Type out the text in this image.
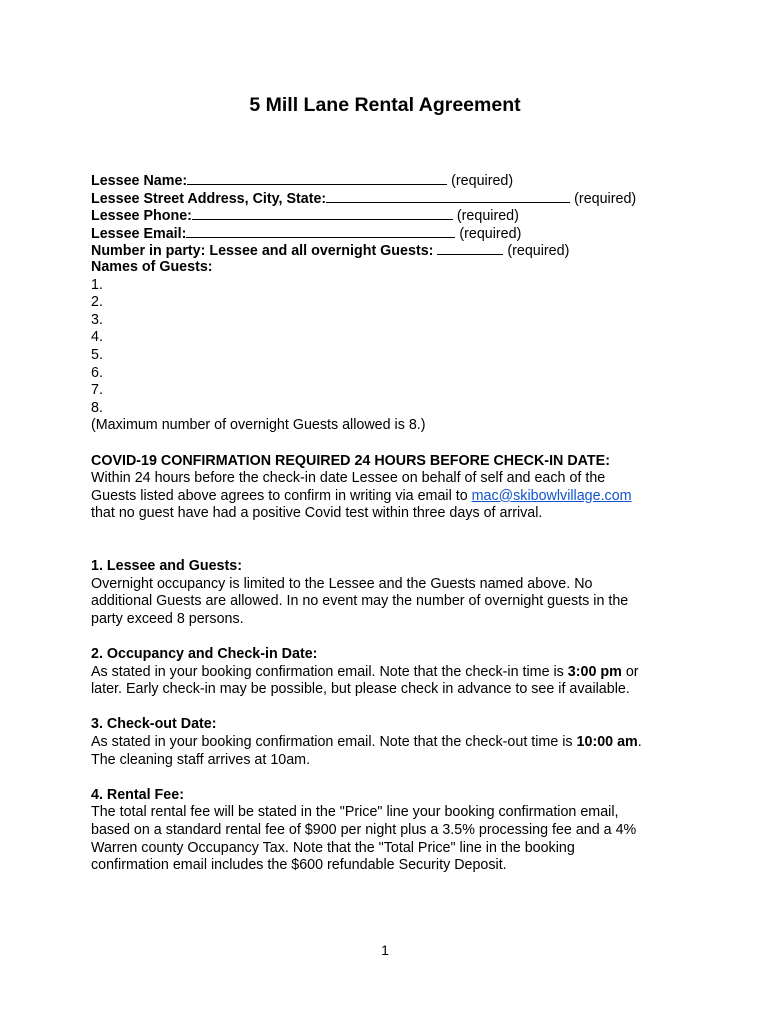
5 Mill Lane Rental Agreement
Lessee Name:	(required)
Lessee Street Address, City, State:	(required)
Lessee Phone:	(required)
Lessee Email:	(required)
Number in party: Lessee and all overnight Guests:	(required)
Names of Guests:
1.
2.
3.
4.
5.
6.
7.
8.
(Maximum number of overnight Guests allowed is 8.)
COVID-19 CONFIRMATION REQUIRED 24 HOURS BEFORE CHECK-IN DATE:
Within 24 hours before the check-in date Lessee on behalf of self and each of the
Guests listed above agrees to confirm in writing via email to mac@skibowlvillage.com
that no guest have had a positive Covid test within three days of arrival.
1. Lessee and Guests:
Overnight occupancy is limited to the Lessee and the Guests named above. No
additional Guests are allowed. In no event may the number of overnight guests in the
party exceed 8 persons.
2. Occupancy and Check-in Date:
As stated in your booking confirmation email. Note that the check-in time is 3:00 pm or
later. Early check-in may be possible, but please check in advance to see if available.
3. Check-out Date:
As stated in your booking confirmation email. Note that the check-out time is 10:00 am.
The cleaning staff arrives at 10am.
4. Rental Fee:
The total rental fee will be stated in the "Price" line your booking confirmation email,
based on a standard rental fee of $900 per night plus a 3.5% processing fee and a 4%
Warren county Occupancy Tax. Note that the "Total Price" line in the booking
confirmation email includes the $600 refundable Security Deposit.
1
